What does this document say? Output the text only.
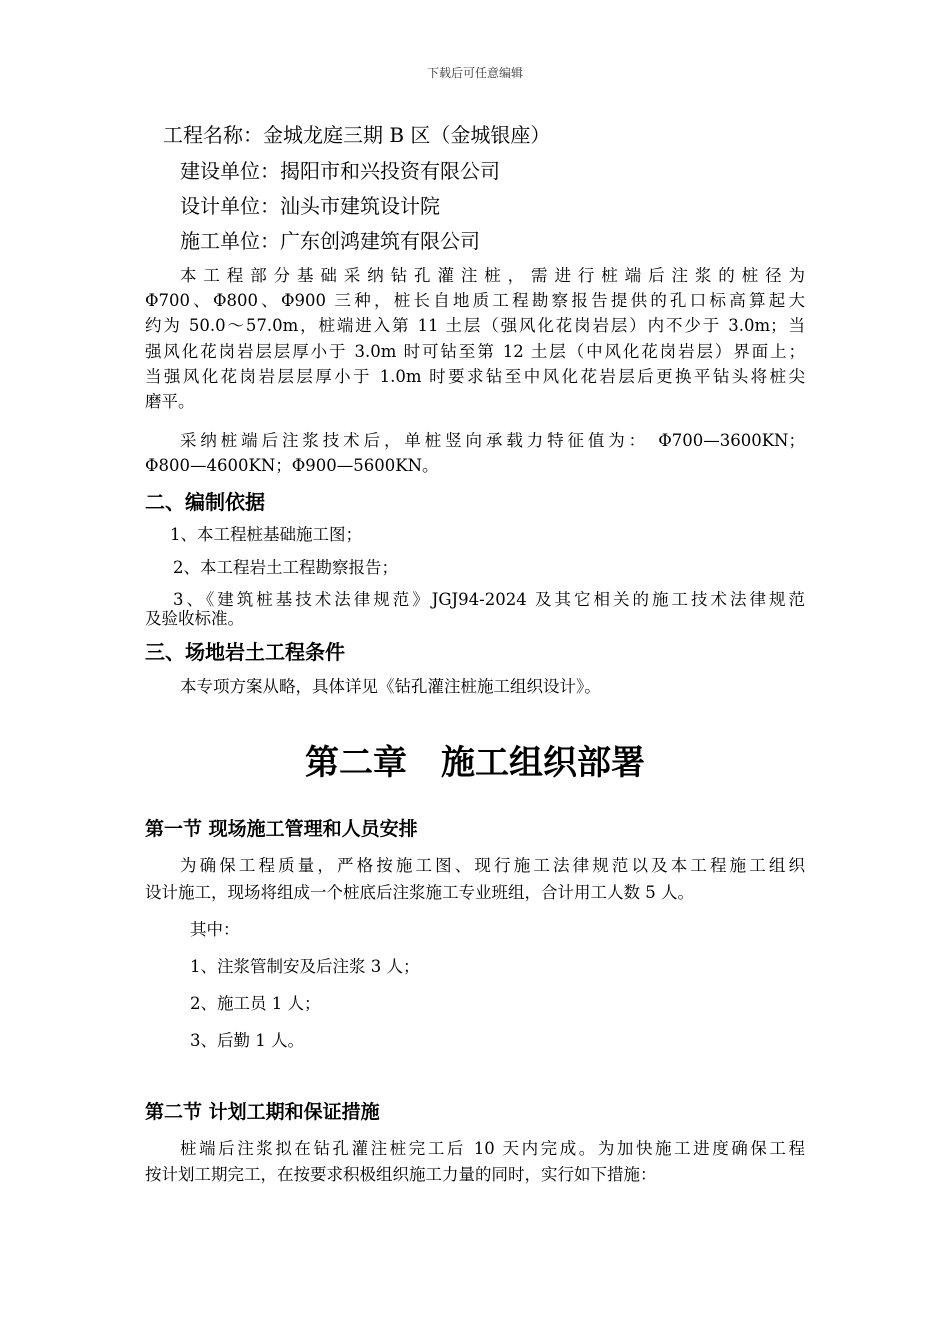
下载后可任意编辑
工程名称：金城龙庭三期 B 区（金城银座）
建设单位：揭阳市和兴投资有限公司
设计单位：汕头市建筑设计院
施工单位：广东创鸿建筑有限公司
本工程部分基础采纳钻孔灌注桩，需进行桩端后注浆的桩径为
Φ700、Φ800、Φ900 三种，桩长自地质工程勘察报告提供的孔口标高算起大
约为 50.0～57.0m，桩端进入第 11 土层（强风化花岗岩层）内不少于 3.0m；当
强风化花岗岩层层厚小于 3.0m 时可钻至第 12 土层（中风化花岗岩层）界面上；
当强风化花岗岩层层厚小于 1.0m 时要求钻至中风化花岩层后更换平钻头将桩尖
磨平。
采纳桩端后注浆技术后，单桩竖向承载力特征值为： Φ700—3600KN；
Φ800—4600KN；Φ900—5600KN。
二、编制依据
1、本工程桩基础施工图；
2、本工程岩土工程勘察报告；
3、《建筑桩基技术法律规范》JGJ94-2024 及其它相关的施工技术法律规范
及验收标准。
三、场地岩土工程条件
本专项方案从略，具体详见《钻孔灌注桩施工组织设计》。
第二章　施工组织部署
第一节 现场施工管理和人员安排
为确保工程质量，严格按施工图、现行施工法律规范以及本工程施工组织
设计施工，现场将组成一个桩底后注浆施工专业班组，合计用工人数 5 人。
其中：
1、注浆管制安及后注浆 3 人；
2、施工员 1 人；
3、后勤 1 人。
第二节 计划工期和保证措施
桩端后注浆拟在钻孔灌注桩完工后 10 天内完成。为加快施工进度确保工程
按计划工期完工，在按要求积极组织施工力量的同时，实行如下措施：
